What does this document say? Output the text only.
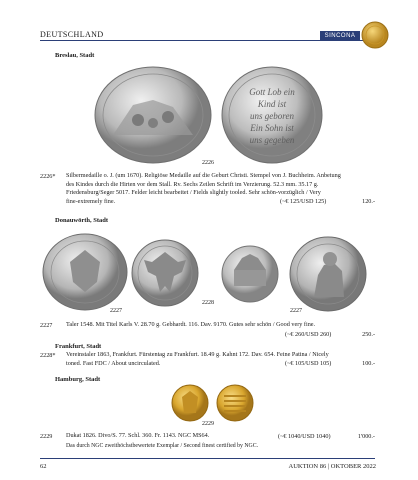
DEUTSCHLAND	SINCONA
Breslau, Stadt
Gott Lob ein
Kind ist
uns geboren
Ein Sohn ist
uns gegeben
2226
2226* Silbermedaille o. J. (um 1670). Religiöse Medaille auf die Geburt Christi. Stempel von J. Buchheim. Anbetung
des Kindes durch die Hirten vor dem Stall. Rv. Sechs Zeilen Schrift im Verzierung. 52.3 mm. 35.17 g.
Friedensburg/Seger 5017. Felder leicht bearbeitet / Fields slightly tooled. Sehr schön-vorzüglich / Very
fine-extremely fine.	(~€ 125/USD 125)	120.-
Donauwörth, Stadt
2227
2228
2227
2227 Taler 1548. Mit Titel Karls V. 28.70 g. Gebhardt. 116. Dav. 9170. Gutes sehr schön / Good very fine.
(~€ 260/USD 260)	250.-
Frankfurt, Stadt
2228* Vereinstaler 1863, Frankfurt. Fürstentag zu Frankfurt. 18.49 g. Kahnt 172. Dav. 654. Feine Patina / Nicely
toned. Fast FDC / About uncirculated.	(~€ 105/USD 105)	100.-
Hamburg, Stadt
2229
2229 Dukat 1826. Divo/S. 77. Schl. 360. Fr. 1143. NGC MS64.	(~€ 1040/USD 1040)	1'000.-
Das durch NGC zweithöchstbewertete Exemplar / Second finest certified by NGC.
62	AUKTION 86 | OKTOBER 2022
